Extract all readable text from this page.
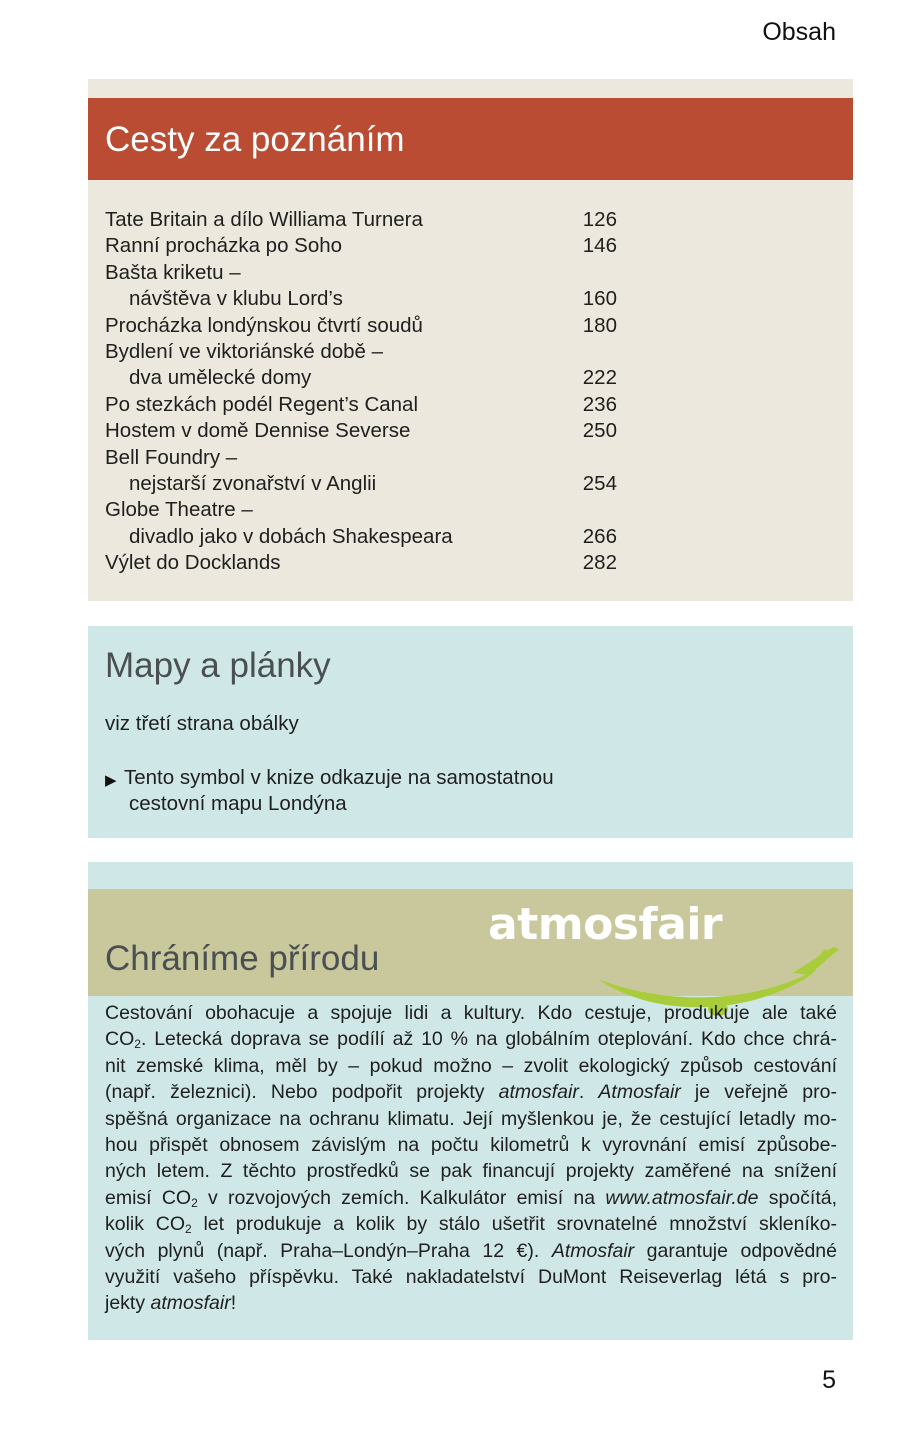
Obsah
Cesty za poznáním
Tate Britain a dílo Williama Turnera	126
Ranní procházka po Soho	146
Bašta kriketu –
návštěva v klubu Lord’s	160
Procházka londýnskou čtvrtí soudů	180
Bydlení ve viktoriánské době –
dva umělecké domy	222
Po stezkách podél Regent’s Canal	236
Hostem v domě Dennise Severse	250
Bell Foundry –
nejstarší zvonařství v Anglii	254
Globe Theatre –
divadlo jako v dobách Shakespeara	266
Výlet do Docklands	282
Mapy a plánky
viz třetí strana obálky
▶ Tento symbol v knize odkazuje na samostatnou
cestovní mapu Londýna
Chráníme přírodu
atmosfair
Cestování obohacuje a spojuje lidi a kultury. Kdo cestuje, produkuje ale také
$CO_2$. Letecká doprava se podílí až 10 % na globálním oteplování. Kdo chce chrá-
nit zemské klima, měl by – pokud možno – zvolit ekologický způsob cestování
(např. železnici). Nebo podpořit projekty atmosfair. Atmosfair je veřejně pro-
spěšná organizace na ochranu klimatu. Její myšlenkou je, že cestující letadly mo-
hou přispět obnosem závislým na počtu kilometrů k vyrovnání emisí způsobe-
ných letem. Z těchto prostředků se pak financují projekty zaměřené na snížení
emisí $CO_2$ v rozvojových zemích. Kalkulátor emisí na www.atmosfair.de spočítá,
kolik $CO_2$ let produkuje a kolik by stálo ušetřit srovnatelné množství skleníko-
vých plynů (např. Praha–Londýn–Praha 12 €). Atmosfair garantuje odpovědné
využití vašeho příspěvku. Také nakladatelství DuMont Reiseverlag létá s pro-
jekty atmosfair!
5
